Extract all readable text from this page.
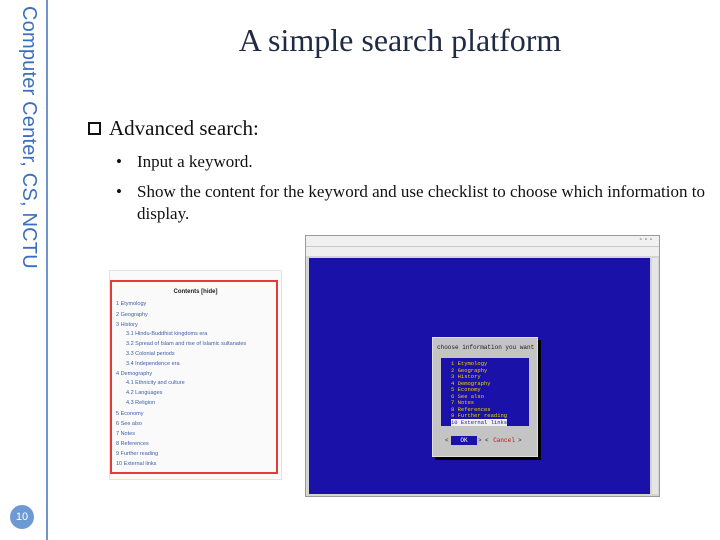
Computer Center, CS, NCTU
10
A simple search platform
Advanced search:
• Input a keyword.
• Show the content for the keyword and use checklist to choose which information to display.
Contents [hide]
1 Etymology
2 Geography
3 History
3.1 Hindu-Buddhist kingdoms era
3.2 Spread of Islam and rise of Islamic sultanates
3.3 Colonial periods
3.4 Independence era
4 Demography
4.1 Ethnicity and culture
4.2 Languages
4.3 Religion
5 Economy
6 See also
7 Notes
8 References
9 Further reading
10 External links
▫▫▫
choose information you want
1 Etymology
2 Geography
3 History
4 Demography
5 Economy
6 See also
7 Notes
8 References
9 Further reading
10 External links
<	OK	> < Cancel >
